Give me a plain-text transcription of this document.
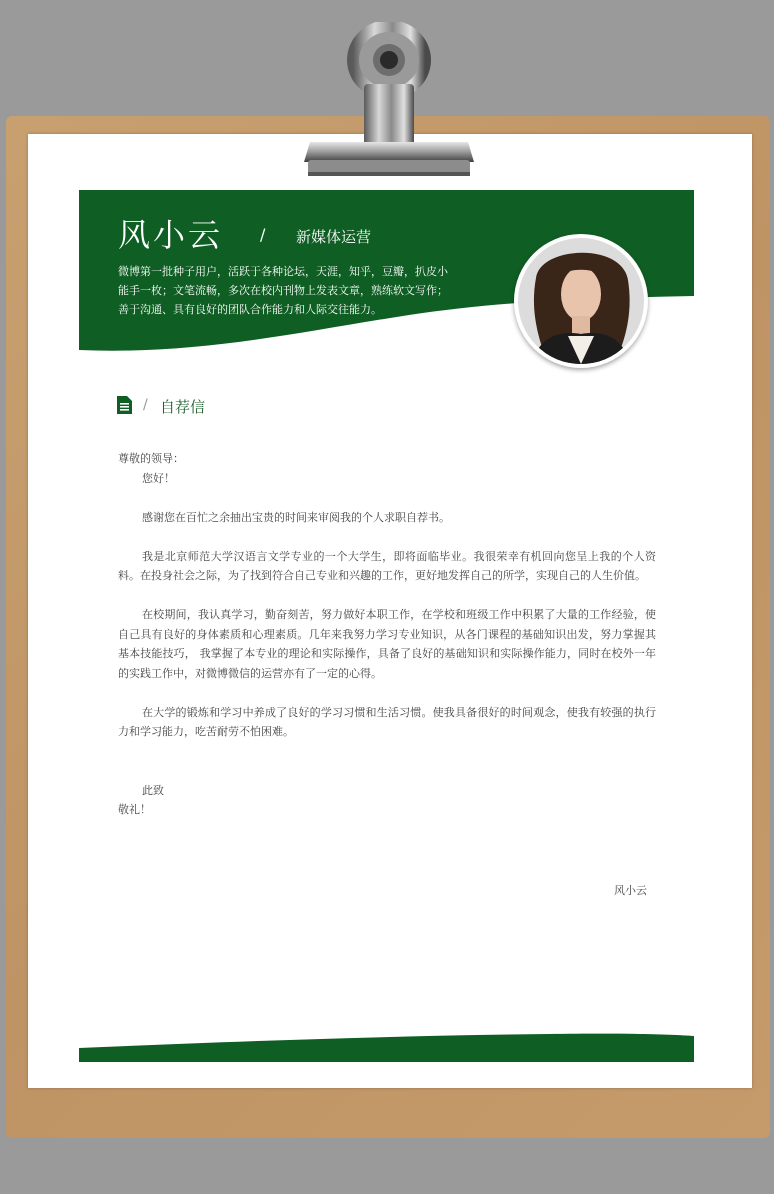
风小云 / 新媒体运营
微博第一批种子用户，活跃于各种论坛，天涯，知乎，豆瓣，扒皮小
能手一枚；文笔流畅，多次在校内刊物上发表文章，熟练软文写作；
善于沟通、具有良好的团队合作能力和人际交往能力。
/ 自荐信

尊敬的领导：

您好！

感谢您在百忙之余抽出宝贵的时间来审阅我的个人求职自荐书。

我是北京师范大学汉语言文学专业的一个大学生，即将面临毕业。我很荣幸有机回向您呈上我的个人资料。在投身社会之际，为了找到符合自己专业和兴趣的工作，更好地发挥自己的所学，实现自己的人生价值。

在校期间，我认真学习，勤奋刻苦，努力做好本职工作，在学校和班级工作中积累了大量的工作经验，使自己具有良好的身体素质和心理素质。几年来我努力学习专业知识，从各门课程的基础知识出发，努力掌握其基本技能技巧， 我掌握了本专业的理论和实际操作，具备了良好的基础知识和实际操作能力，同时在校外一年的实践工作中，对微博微信的运营亦有了一定的心得。

在大学的锻炼和学习中养成了良好的学习习惯和生活习惯。使我具备很好的时间观念，使我有较强的执行力和学习能力，吃苦耐劳不怕困难。

此致

敬礼！

风小云
